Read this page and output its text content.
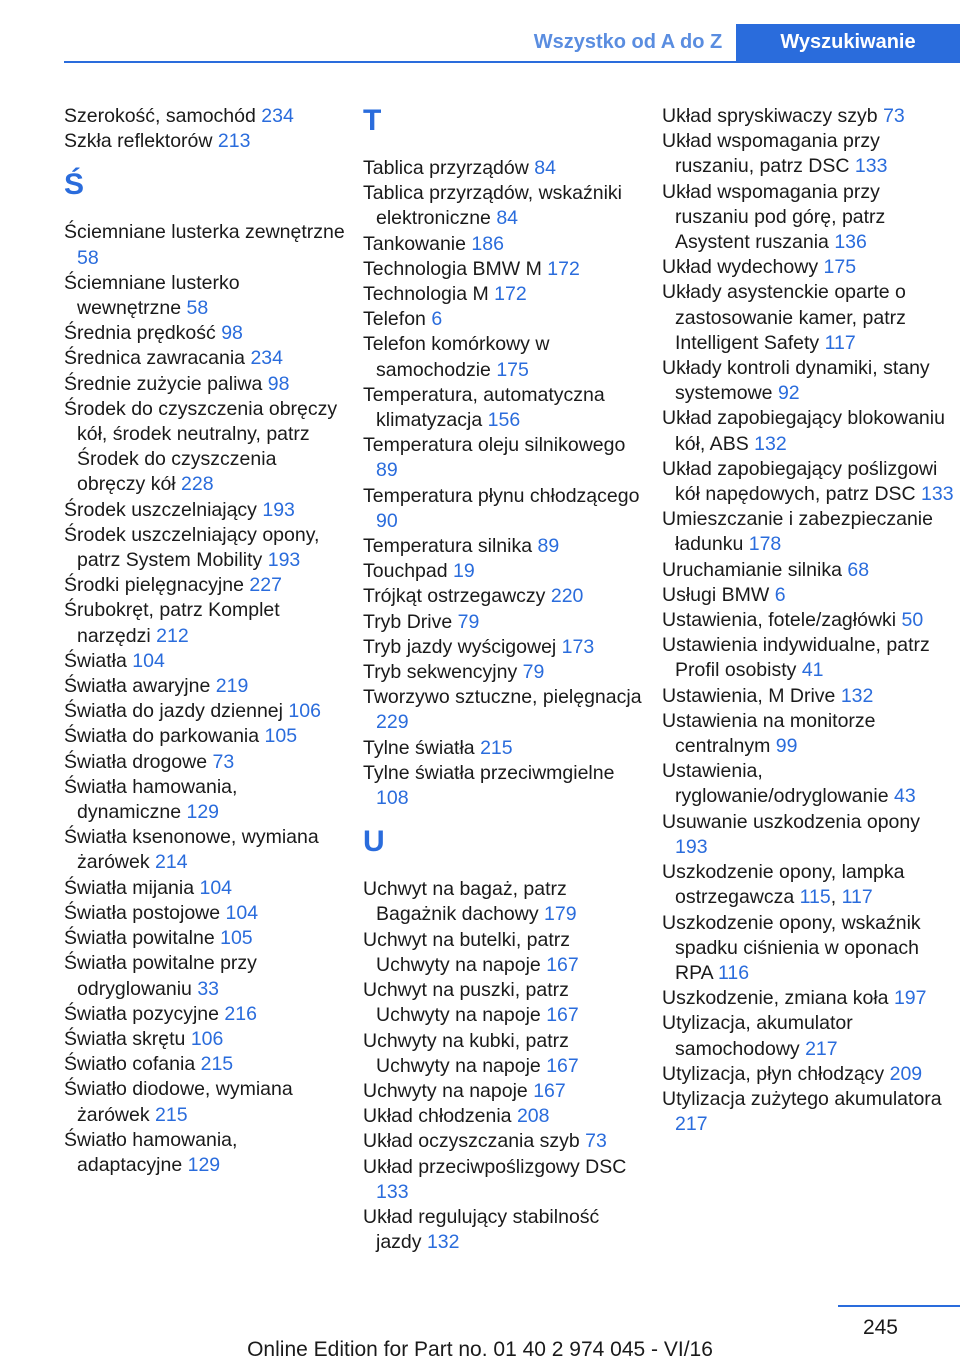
Wszystko od A do Z	Wyszukiwanie
Szerokość, samochód 234
Szkła reflektorów 213
Ś
Ściemniane lusterka zewnętrzne 58
Ściemniane lusterko wewnętrzne 58
Średnia prędkość 98
Średnica zawracania 234
Średnie zużycie paliwa 98
Środek do czyszczenia obręczy kół, środek neutralny, patrz Środek do czyszczenia obręczy kół 228
Środek uszczelniający 193
Środek uszczelniający opony, patrz System Mobility 193
Środki pielęgnacyjne 227
Śrubokręt, patrz Komplet narzędzi 212
Światła 104
Światła awaryjne 219
Światła do jazdy dziennej 106
Światła do parkowania 105
Światła drogowe 73
Światła hamowania, dynamiczne 129
Światła ksenonowe, wymiana żarówek 214
Światła mijania 104
Światła postojowe 104
Światła powitalne 105
Światła powitalne przy odryglowaniu 33
Światła pozycyjne 216
Światła skrętu 106
Światło cofania 215
Światło diodowe, wymiana żarówek 215
Światło hamowania, adaptacyjne 129
T
Tablica przyrządów 84
Tablica przyrządów, wskaźniki elektroniczne 84
Tankowanie 186
Technologia BMW M 172
Technologia M 172
Telefon 6
Telefon komórkowy w samochodzie 175
Temperatura, automatyczna klimatyzacja 156
Temperatura oleju silnikowego 89
Temperatura płynu chłodzącego 90
Temperatura silnika 89
Touchpad 19
Trójkąt ostrzegawczy 220
Tryb Drive 79
Tryb jazdy wyścigowej 173
Tryb sekwencyjny 79
Tworzywo sztuczne, pielęgnacja 229
Tylne światła 215
Tylne światła przeciwmgielne 108
U
Uchwyt na bagaż, patrz Bagażnik dachowy 179
Uchwyt na butelki, patrz Uchwyty na napoje 167
Uchwyt na puszki, patrz Uchwyty na napoje 167
Uchwyty na kubki, patrz Uchwyty na napoje 167
Uchwyty na napoje 167
Układ chłodzenia 208
Układ oczyszczania szyb 73
Układ przeciwpoślizgowy DSC 133
Układ regulujący stabilność jazdy 132
Układ spryskiwaczy szyb 73
Układ wspomagania przy ruszaniu, patrz DSC 133
Układ wspomagania przy ruszaniu pod górę, patrz Asystent ruszania 136
Układ wydechowy 175
Układy asystenckie oparte o zastosowanie kamer, patrz Intelligent Safety 117
Układy kontroli dynamiki, stany systemowe 92
Układ zapobiegający blokowaniu kół, ABS 132
Układ zapobiegający poślizgowi kół napędowych, patrz DSC 133
Umieszczanie i zabezpieczanie ładunku 178
Uruchamianie silnika 68
Usługi BMW 6
Ustawienia, fotele/zagłówki 50
Ustawienia indywidualne, patrz Profil osobisty 41
Ustawienia, M Drive 132
Ustawienia na monitorze centralnym 99
Ustawienia, ryglowanie/odryglowanie 43
Usuwanie uszkodzenia opony 193
Uszkodzenie opony, lampka ostrzegawcza 115, 117
Uszkodzenie opony, wskaźnik spadku ciśnienia w oponach RPA 116
Uszkodzenie, zmiana koła 197
Utylizacja, akumulator samochodowy 217
Utylizacja, płyn chłodzący 209
Utylizacja zużytego akumulatora 217
245
Online Edition for Part no. 01 40 2 974 045 - VI/16
